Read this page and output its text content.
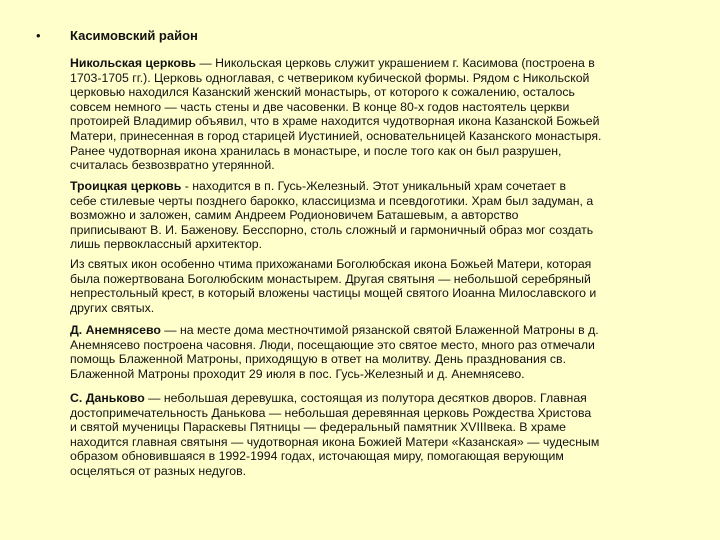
• Касимовский район
Никольская церковь — Никольская церковь служит украшением г. Касимова (построена в
1703-1705 гг.). Церковь одноглавая, с четвериком кубической формы. Рядом с Никольской
церковью находился Казанский женский монастырь, от которого к сожалению, осталось
совсем немного — часть стены и две часовенки. В конце 80-х годов настоятель церкви
протоирей Владимир объявил, что в храме находится чудотворная икона Казанской Божьей
Матери, принесенная в город старицей Иустинией, основательницей Казанского монастыря.
Ранее чудотворная икона хранилась в монастыре, и после того как он был разрушен,
считалась безвозвратно утерянной.
Троицкая церковь - находится в п. Гусь-Железный. Этот уникальный храм сочетает в
себе стилевые черты позднего барокко, классицизма и псевдоготики. Храм был задуман, а
возможно и заложен, самим Андреем Родионовичем Баташевым, а авторство
приписывают В. И. Баженову. Бесспорно, столь сложный и гармоничный образ мог создать
лишь первоклассный архитектор.
Из святых икон особенно чтима прихожанами Боголюбская икона Божьей Матери, которая
была пожертвована Боголюбским монастырем. Другая святыня — небольшой серебряный
непрестольный крест, в который вложены частицы мощей святого Иоанна Милославского и
других святых.
Д. Анемнясево — на месте дома местночтимой рязанской святой Блаженной Матроны в д.
Анемнясево построена часовня. Люди, посещающие это святое место, много раз отмечали
помощь Блаженной Матроны, приходящую в ответ на молитву. День празднования св.
Блаженной Матроны проходит 29 июля в пос. Гусь-Железный и д. Анемнясево.
С. Даньково — небольшая деревушка, состоящая из полутора десятков дворов. Главная
достопримечательность Данькова — небольшая деревянная церковь Рождества Христова
и святой мученицы Параскевы Пятницы — федеральный памятник XVIIIвека. В храме
находится главная святыня — чудотворная икона Божией Матери «Казанская» — чудесным
образом обновившаяся в 1992-1994 годах, источающая миру, помогающая верующим
осцеляться от разных недугов.
